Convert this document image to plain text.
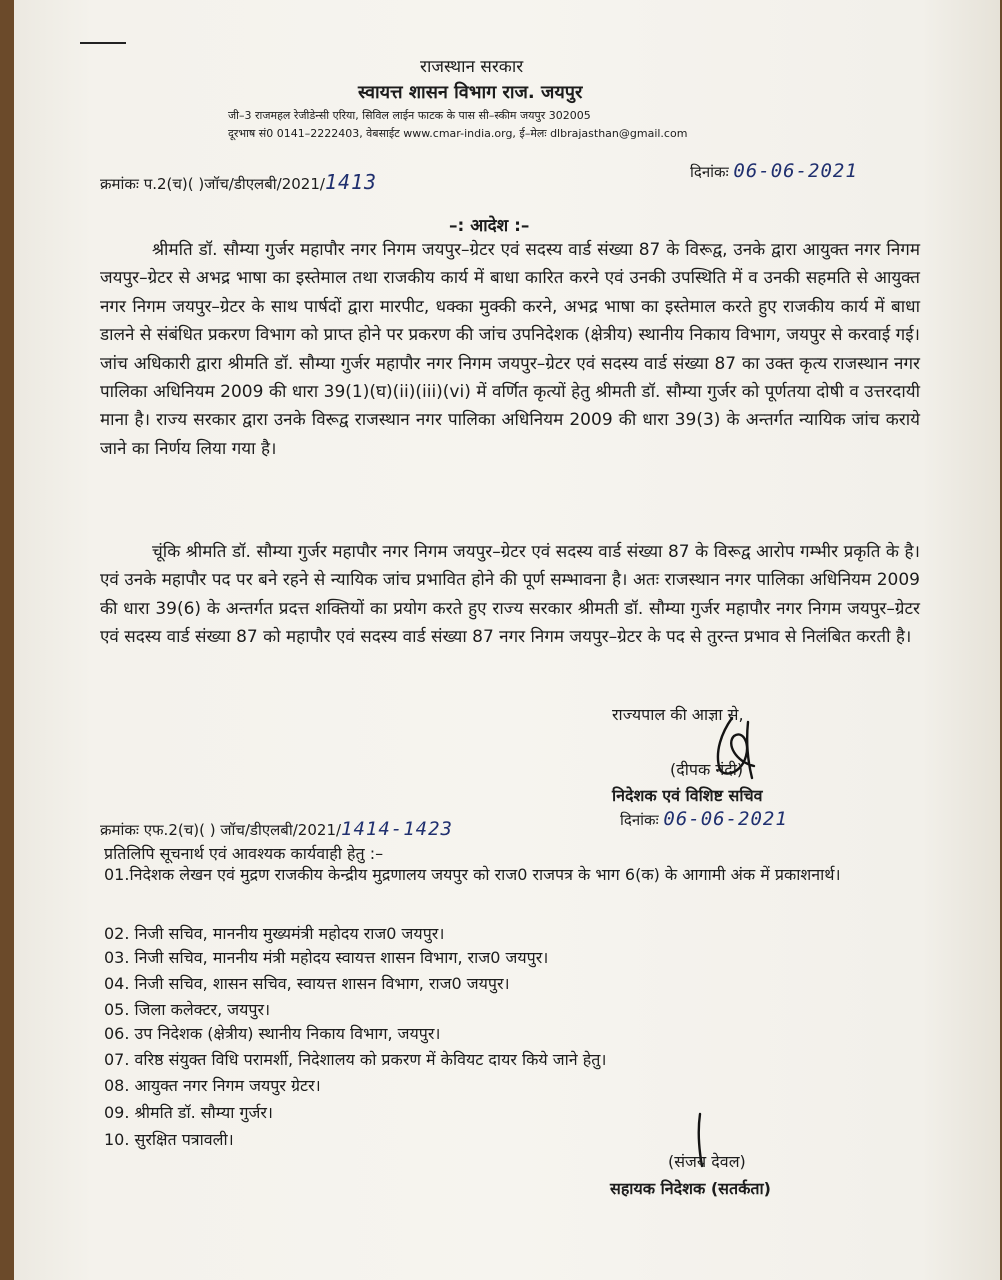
राजस्थान सरकार
स्वायत्त शासन विभाग राज. जयपुर
जी–3 राजमहल रेजीडेन्सी एरिया, सिविल लाईन फाटक के पास सी–स्कीम जयपुर 302005
दूरभाष सं0 0141–2222403, वेबसाईट www.cmar-india.org, ई–मेलः dlbrajasthan@gmail.com
क्रमांकः प.2(च)( )जॉच/डीएलबी/2021/1413	दिनांकः 06-06-2021
–: आदेश :–

श्रीमति डॉ. सौम्या गुर्जर महापौर नगर निगम जयपुर–ग्रेटर एवं सदस्य वार्ड संख्या 87 के विरूद्व, उनके द्वारा आयुक्त नगर निगम जयपुर–ग्रेटर से अभद्र भाषा का इस्तेमाल तथा राजकीय कार्य में बाधा कारित करने एवं उनकी उपस्थिति में व उनकी सहमति से आयुक्त नगर निगम जयपुर–ग्रेटर के साथ पार्षदों द्वारा मारपीट, धक्का मुक्की करने, अभद्र भाषा का इस्तेमाल करते हुए राजकीय कार्य में बाधा डालने से संबंधित प्रकरण विभाग को प्राप्त होने पर प्रकरण की जांच उपनिदेशक (क्षेत्रीय) स्थानीय निकाय विभाग, जयपुर से करवाई गई। जांच अधिकारी द्वारा श्रीमति डॉ. सौम्या गुर्जर महापौर नगर निगम जयपुर–ग्रेटर एवं सदस्य वार्ड संख्या 87 का उक्त कृत्य राजस्थान नगर पालिका अधिनियम 2009 की धारा 39(1)(घ)(ii)(iii)(vi) में वर्णित कृत्यों हेतु श्रीमती डॉ. सौम्या गुर्जर को पूर्णतया दोषी व उत्तरदायी माना है। राज्य सरकार द्वारा उनके विरूद्व राजस्थान नगर पालिका अधिनियम 2009 की धारा 39(3) के अन्तर्गत न्यायिक जांच कराये जाने का निर्णय लिया गया है।

चूंकि श्रीमति डॉ. सौम्या गुर्जर महापौर नगर निगम जयपुर–ग्रेटर एवं सदस्य वार्ड संख्या 87 के विरूद्व आरोप गम्भीर प्रकृति के है। एवं उनके महापौर पद पर बने रहने से न्यायिक जांच प्रभावित होने की पूर्ण सम्भावना है। अतः राजस्थान नगर पालिका अधिनियम 2009 की धारा 39(6) के अन्तर्गत प्रदत्त शक्तियों का प्रयोग करते हुए राज्य सरकार श्रीमती डॉ. सौम्या गुर्जर महापौर नगर निगम जयपुर–ग्रेटर एवं सदस्य वार्ड संख्या 87 को महापौर एवं सदस्य वार्ड संख्या 87 नगर निगम जयपुर–ग्रेटर के पद से तुरन्त प्रभाव से निलंबित करती है।

राज्यपाल की आज्ञा से,
(दीपक नंदी)
निदेशक एवं विशिष्ट सचिव
क्रमांकः एफ.2(च)( ) जॉच/डीएलबी/2021/1414-1423	दिनांकः 06-06-2021
प्रतिलिपि सूचनार्थ एवं आवश्यक कार्यवाही हेतु :–
01.निदेशक लेखन एवं मुद्रण राजकीय केन्द्रीय मुद्रणालय जयपुर को राज0 राजपत्र के भाग 6(क) के आगामी अंक में प्रकाशनार्थ।
02. निजी सचिव, माननीय मुख्यमंत्री महोदय राज0 जयपुर।
03. निजी सचिव, माननीय मंत्री महोदय स्वायत्त शासन विभाग, राज0 जयपुर।
04. निजी सचिव, शासन सचिव, स्वायत्त शासन विभाग, राज0 जयपुर।
05. जिला कलेक्टर, जयपुर।
06. उप निदेशक (क्षेत्रीय) स्थानीय निकाय विभाग, जयपुर।
07. वरिष्ठ संयुक्त विधि परामर्शी, निदेशालय को प्रकरण में केवियट दायर किये जाने हेतु।
08. आयुक्त नगर निगम जयपुर ग्रेटर।
09. श्रीमति डॉ. सौम्या गुर्जर।
10. सुरक्षित पत्रावली।
(संजय देवल)
सहायक निदेशक (सतर्कता)
